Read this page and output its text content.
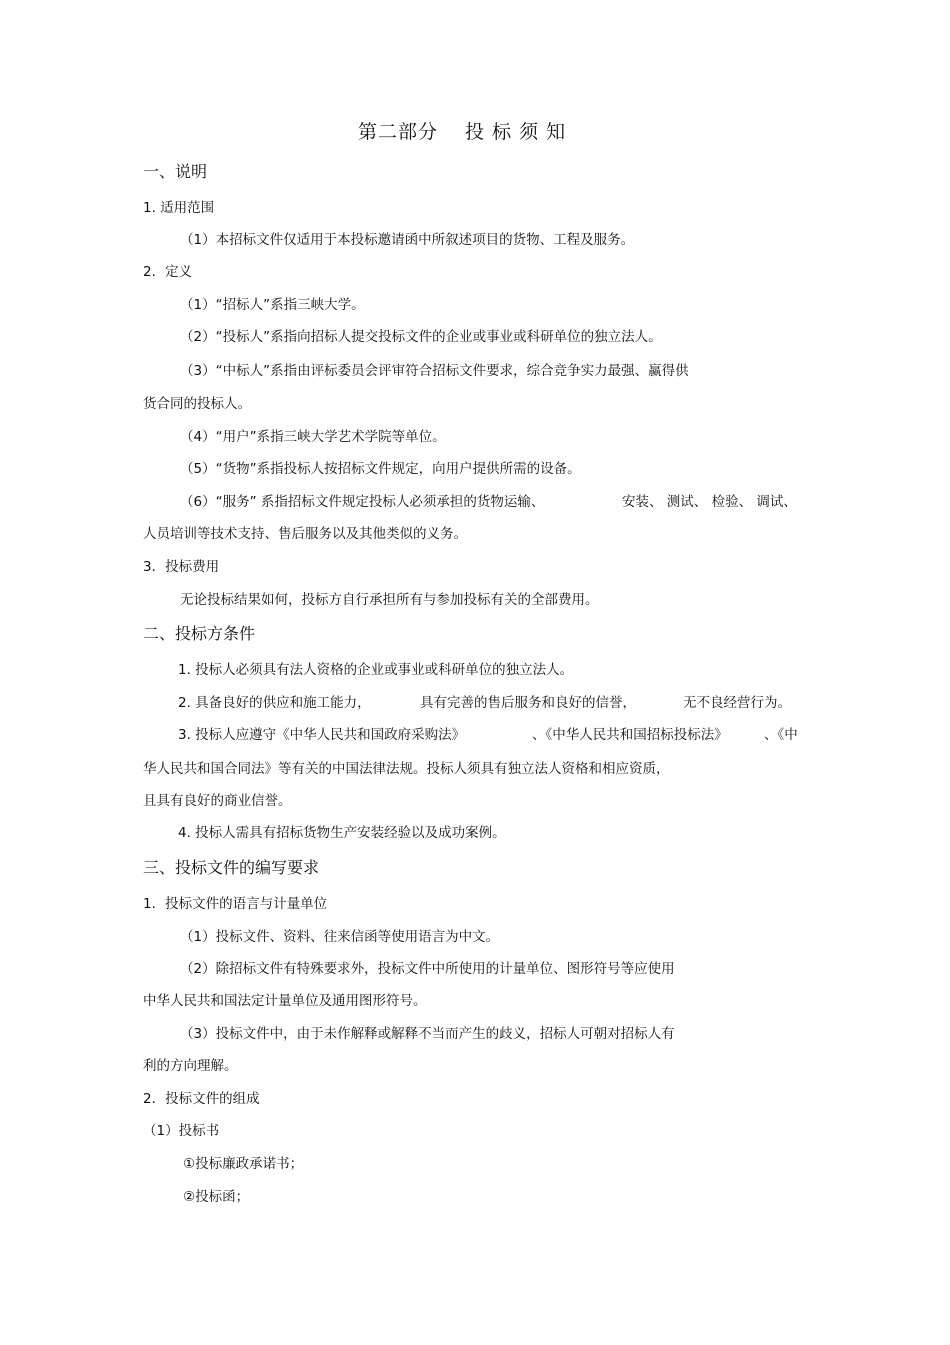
第二部分　 投 标 须 知
一、说明
1. 适用范围
（1）本招标文件仅适用于本投标邀请函中所叙述项目的货物、工程及服务。
2．定义
（1）“招标人”系指三峡大学。
（2）“投标人”系指向招标人提交投标文件的企业或事业或科研单位的独立法人。
（3）“中标人”系指由评标委员会评审符合招标文件要求，综合竞争实力最强、赢得供
货合同的投标人。
（4）“用户”系指三峡大学艺术学院等单位。
（5）“货物”系指投标人按招标文件规定，向用户提供所需的设备。
（6）“服务” 系指招标文件规定投标人必须承担的货物运输、	安装、 测试、 检验、 调试、
人员培训等技术支持、售后服务以及其他类似的义务。
3．投标费用
无论投标结果如何，投标方自行承担所有与参加投标有关的全部费用。
二、投标方条件
1. 投标人必须具有法人资格的企业或事业或科研单位的独立法人。
2. 具备良好的供应和施工能力，	具有完善的售后服务和良好的信誉，	无不良经营行为。
3. 投标人应遵守《中华人民共和国政府采购法》	、《中华人民共和国招标投标法》	、《中
华人民共和国合同法》等有关的中国法律法规。投标人须具有独立法人资格和相应资质，
且具有良好的商业信誉。
4. 投标人需具有招标货物生产安装经验以及成功案例。
三、投标文件的编写要求
1．投标文件的语言与计量单位
（1）投标文件、资料、往来信函等使用语言为中文。
（2）除招标文件有特殊要求外，投标文件中所使用的计量单位、图形符号等应使用
中华人民共和国法定计量单位及通用图形符号。
（3）投标文件中，由于未作解释或解释不当而产生的歧义，招标人可朝对招标人有
利的方向理解。
2．投标文件的组成
（1）投标书
①投标廉政承诺书；
②投标函；
